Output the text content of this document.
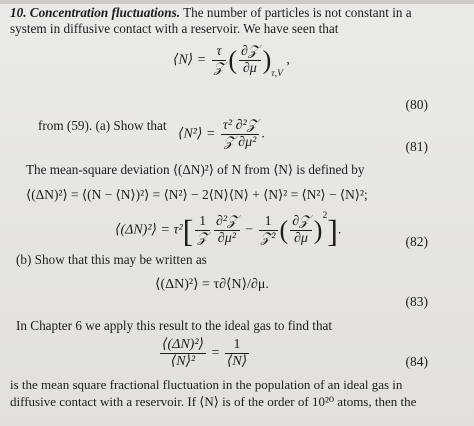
10. Concentration fluctuations. The number of particles is not constant in a
system in diffusive contact with a reservoir. We have seen that
⟨N⟩ = $\frac{\tau}{\text{𝒵}}$ ( $\frac{\text{∂𝒵}}{\partial\mu} )_{\tau,V}$ ,
(80)
from (59). (a) Show that
⟨N²⟩ = $\frac{\text{τ² ∂²𝒵}}{\text{𝒵 ∂μ²}}$ .
(81)
The mean-square deviation ⟨(ΔN)²⟩ of N from ⟨N⟩ is defined by
⟨(ΔN)²⟩ = ⟨(N − ⟨N⟩)²⟩ = ⟨N²⟩ − 2⟨N⟩⟨N⟩ + ⟨N⟩² = ⟨N²⟩ − ⟨N⟩²;
⟨(ΔN)²⟩ = $\tau^2[ \frac{1}{\text{𝒵}} \frac{\text{∂²𝒵}}{\text{∂μ²}} - \frac{1}{\text{𝒵²}}$ ( $\frac{\text{∂𝒵}}{\partial\mu} )^2$].
(82)
(b) Show that this may be written as
⟨(ΔN)²⟩ = τ∂⟨N⟩/∂μ.
(83)
In Chapter 6 we apply this result to the ideal gas to find that
$\frac{\text{⟨(ΔN)²⟩}}{\text{⟨N⟩²}} = \frac{1}{⟨N⟩}$	(84)
is the mean square fractional fluctuation in the population of an ideal gas in
diffusive contact with a reservoir. If ⟨N⟩ is of the order of 10²⁰ atoms, then the
